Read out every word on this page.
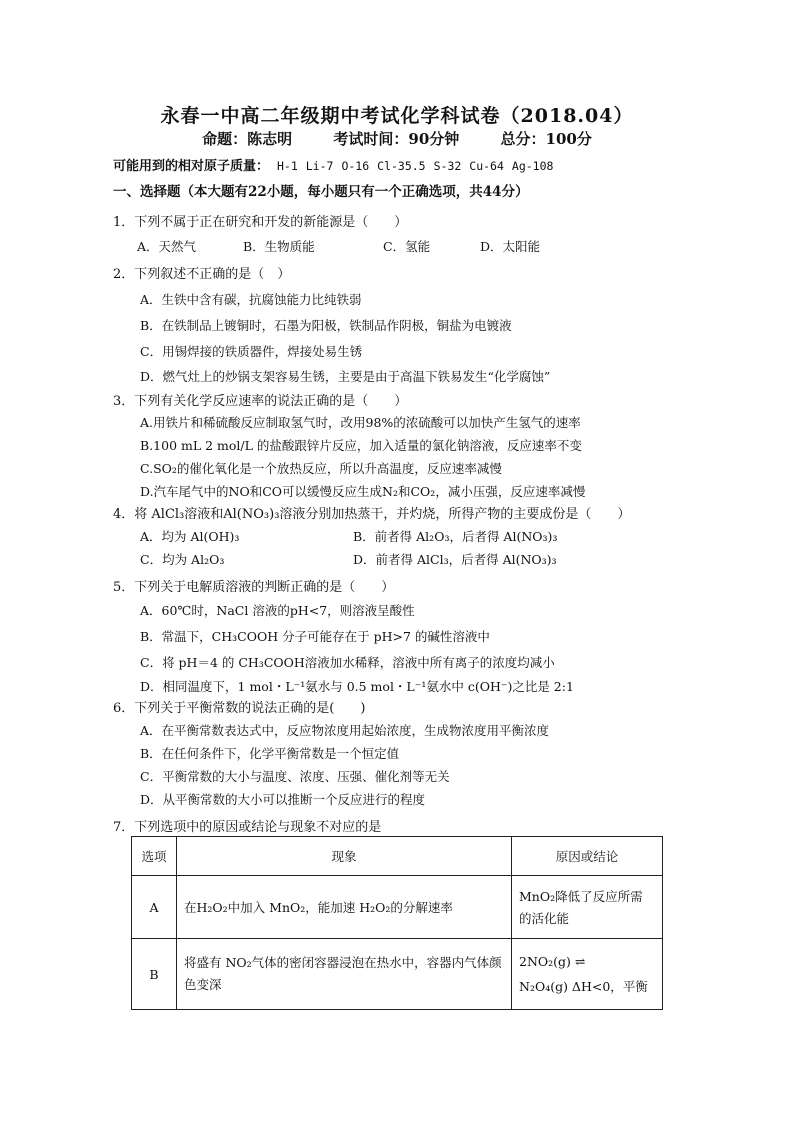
永春一中高二年级期中考试化学科试卷（2018.04）
命题：陈志明	考试时间：90分钟	总分：100分
可能用到的相对原子质量： H-1 Li-7 O-16 Cl-35.5 S-32 Cu-64 Ag-108
一、选择题（本大题有22小题，每小题只有一个正确选项，共44分）
1．下列不属于正在研究和开发的新能源是（　　）
A．天然气	B．生物质能	C．氢能	D．太阳能
2．下列叙述不正确的是（　）
A．生铁中含有碳，抗腐蚀能力比纯铁弱
B．在铁制品上镀铜时，石墨为阳极，铁制品作阴极，铜盐为电镀液
C．用锡焊接的铁质器件，焊接处易生锈
D．燃气灶上的炒锅支架容易生锈，主要是由于高温下铁易发生“化学腐蚀”
3．下列有关化学反应速率的说法正确的是（　　）
A.用铁片和稀硫酸反应制取氢气时，改用98%的浓硫酸可以加快产生氢气的速率
B.100 mL 2 mol/L 的盐酸跟锌片反应，加入适量的氯化钠溶液，反应速率不变
C.SO₂的催化氧化是一个放热反应，所以升高温度，反应速率减慢
D.汽车尾气中的NO和CO可以缓慢反应生成N₂和CO₂，减小压强，反应速率减慢
4．将 AlCl₃溶液和Al(NO₃)₃溶液分别加热蒸干，并灼烧，所得产物的主要成份是（　　）
A．均为 Al(OH)₃	B．前者得 Al₂O₃，后者得 Al(NO₃)₃
C．均为 Al₂O₃	D．前者得 AlCl₃，后者得 Al(NO₃)₃
5．下列关于电解质溶液的判断正确的是（　　）
A．60℃时，NaCl 溶液的pH<7，则溶液呈酸性
B．常温下，CH₃COOH 分子可能存在于 pH>7 的碱性溶液中
C．将 pH＝4 的 CH₃COOH溶液加水稀释，溶液中所有离子的浓度均减小
D．相同温度下，1 mol・L⁻¹氨水与 0.5 mol・L⁻¹氨水中 c(OH⁻)之比是 2:1
6．下列关于平衡常数的说法正确的是(　　)
A．在平衡常数表达式中，反应物浓度用起始浓度，生成物浓度用平衡浓度
B．在任何条件下，化学平衡常数是一个恒定值
C．平衡常数的大小与温度、浓度、压强、催化剂等无关
D．从平衡常数的大小可以推断一个反应进行的程度
7．下列选项中的原因或结论与现象不对应的是
选项	现象	原因或结论
A	在H₂O₂中加入 MnO₂，能加速 H₂O₂的分解速率	MnO₂降低了反应所需
的活化能

B	将盛有 NO₂气体的密闭容器浸泡在热水中，容器内气体颜色变深	2NO₂(g) ⇌
N₂O₄(g) ΔH<0，平衡
